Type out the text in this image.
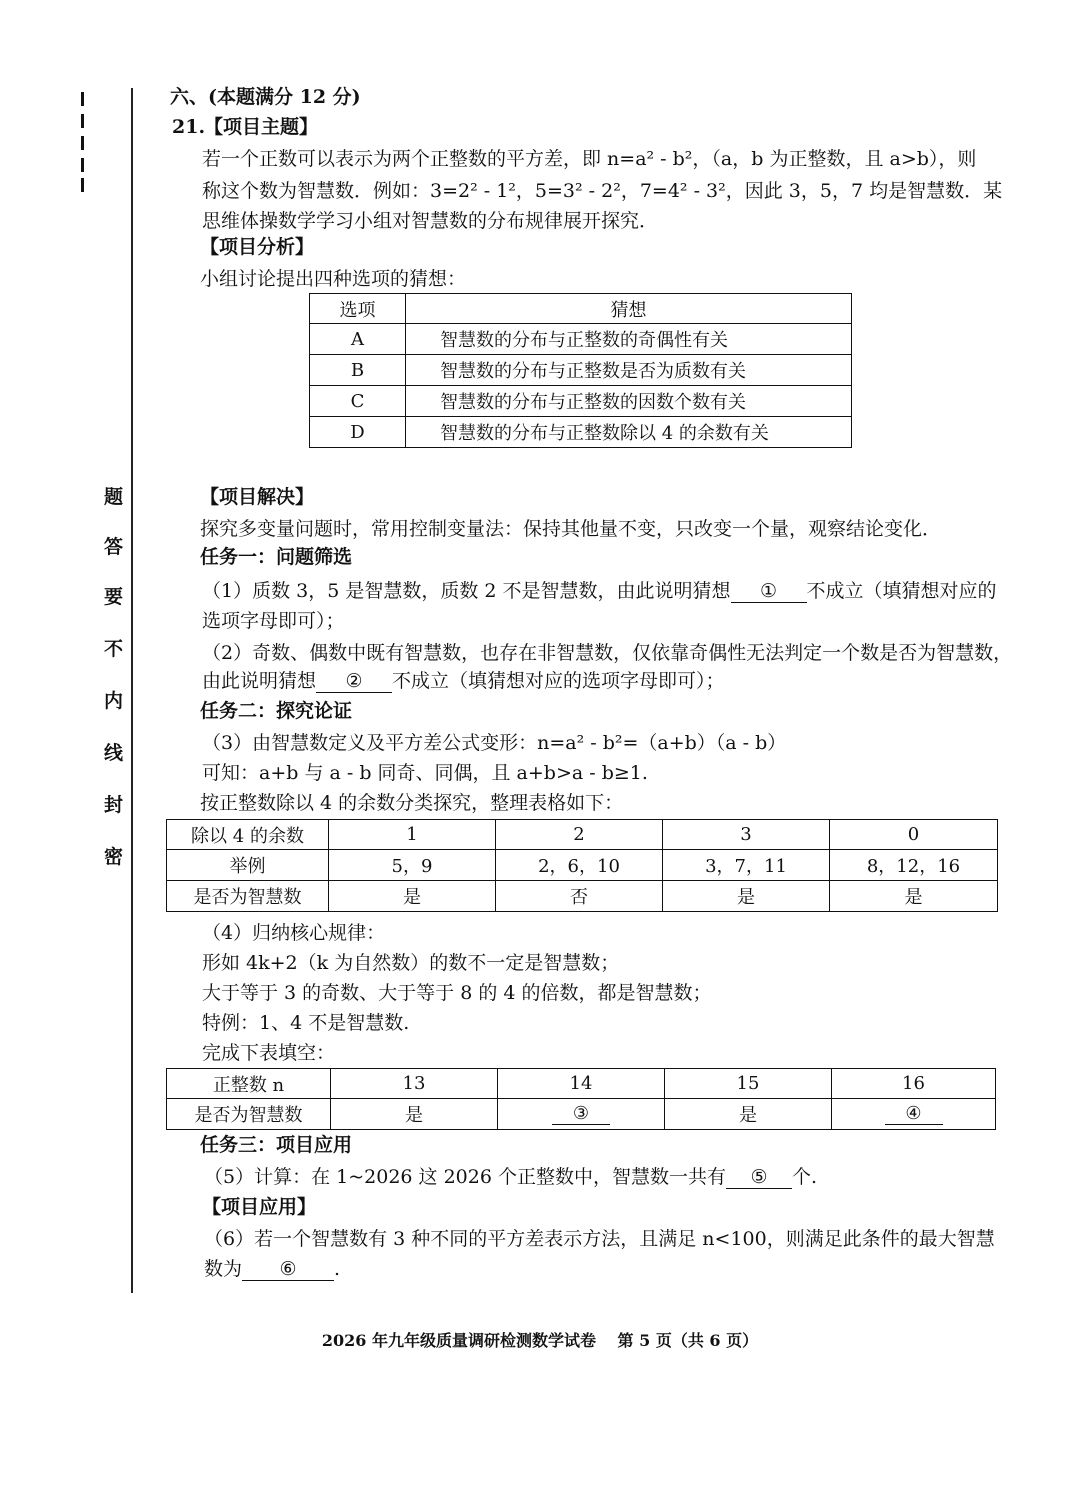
题
答
要
不
内
线
封
密
六、(本题满分 12 分)
21.
【项目主题】
若一个正数可以表示为两个正整数的平方差，即 n=a² - b²，（a，b 为正整数，且 a>b），则
称这个数为智慧数．例如：3=2² - 1²，5=3² - 2²，7=4² - 3²，因此 3，5，7 均是智慧数．某
思维体操数学学习小组对智慧数的分布规律展开探究．
【项目分析】
小组讨论提出四种选项的猜想：
选项	猜想
A	智慧数的分布与正整数的奇偶性有关
B	智慧数的分布与正整数是否为质数有关
C	智慧数的分布与正整数的因数个数有关
D	智慧数的分布与正整数除以 4 的余数有关
【项目解决】
探究多变量问题时，常用控制变量法：保持其他量不变，只改变一个量，观察结论变化．
任务一：问题筛选
（1）质数 3，5 是智慧数，质数 2 不是智慧数，由此说明猜想 ① 不成立（填猜想对应的
选项字母即可）；
（2）奇数、偶数中既有智慧数，也存在非智慧数，仅依靠奇偶性无法判定一个数是否为智慧数，
由此说明猜想 ② 不成立（填猜想对应的选项字母即可）；
任务二：探究论证
（3）由智慧数定义及平方差公式变形：n=a² - b²=（a+b）（a - b）
可知：a+b 与 a - b 同奇、同偶，且 a+b>a - b≥1.
按正整数除以 4 的余数分类探究，整理表格如下：
除以 4 的余数	1	2	3	0
举例	5，9	2，6，10	3，7，11	8，12，16
是否为智慧数	是	否	是	是
（4）归纳核心规律：
形如 4k+2（k 为自然数）的数不一定是智慧数；
大于等于 3 的奇数、大于等于 8 的 4 的倍数，都是智慧数；
特例：1、4 不是智慧数.
完成下表填空：
正整数 n	13	14	15	16
是否为智慧数	是	③	是	④
任务三：项目应用
（5）计算：在 1~2026 这 2026 个正整数中，智慧数一共有 ⑤ 个.
【项目应用】
（6）若一个智慧数有 3 种不同的平方差表示方法，且满足 n<100，则满足此条件的最大智慧
数为 ⑥ .
2026 年九年级质量调研检测数学试卷　 第 5 页（共 6 页）
